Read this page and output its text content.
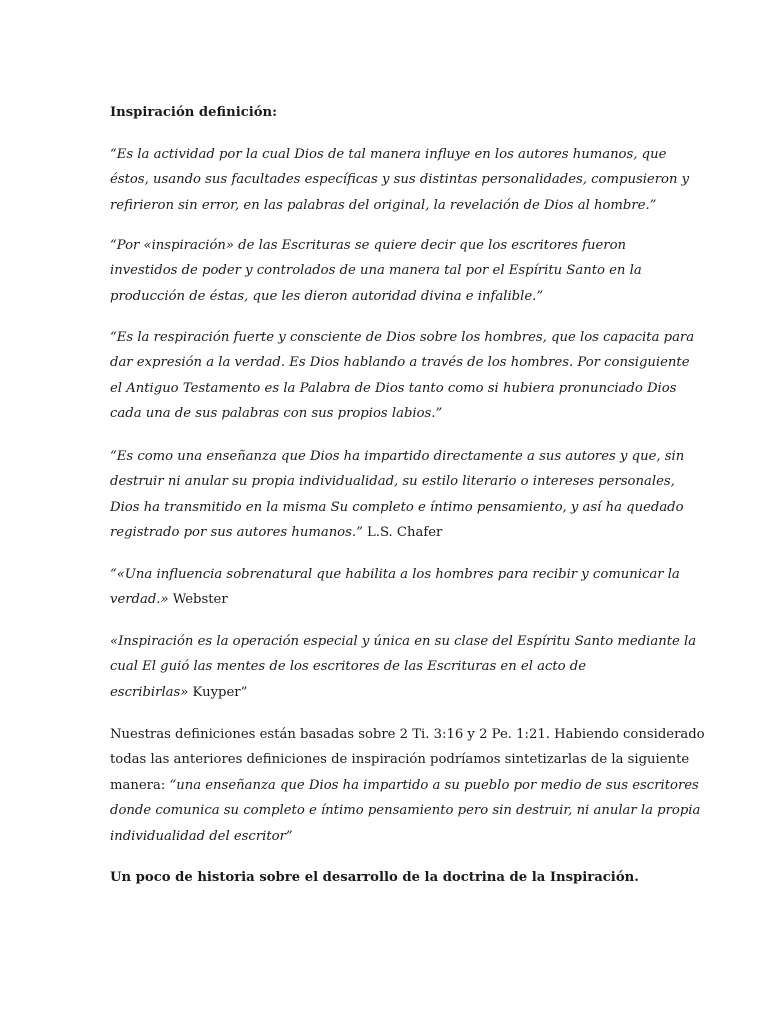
Inspiración definición:
“Es la actividad por la cual Dios de tal manera influye en los autores humanos, que
éstos, usando sus facultades específicas y sus distintas personalidades, compusieron y
refirieron sin error, en las palabras del original, la revelación de Dios al hombre.”
“Por «inspiración» de las Escrituras se quiere decir que los escritores fueron
investidos de poder y controlados de una manera tal por el Espíritu Santo en la
producción de éstas, que les dieron autoridad divina e infalible.”
“Es la respiración fuerte y consciente de Dios sobre los hombres, que los capacita para
dar expresión a la verdad. Es Dios hablando a través de los hombres. Por consiguiente
el Antiguo Testamento es la Palabra de Dios tanto como si hubiera pronunciado Dios
cada una de sus palabras con sus propios labios.”
“Es como una enseñanza que Dios ha impartido directamente a sus autores y que, sin
destruir ni anular su propia individualidad, su estilo literario o intereses personales,
Dios ha transmitido en la misma Su completo e íntimo pensamiento, y así ha quedado
registrado por sus autores humanos.” L.S. Chafer
“«Una influencia sobrenatural que habilita a los hombres para recibir y comunicar la
verdad.» Webster
«Inspiración es la operación especial y única en su clase del Espíritu Santo mediante la
cual El guió las mentes de los escritores de las Escrituras en el acto de
escribirlas» Kuyper”
Nuestras definiciones están basadas sobre 2 Ti. 3:16 y 2 Pe. 1:21. Habiendo considerado
todas las anteriores definiciones de inspiración podríamos sintetizarlas de la siguiente
manera: “una enseñanza que Dios ha impartido a su pueblo por medio de sus escritores
donde comunica su completo e íntimo pensamiento pero sin destruir, ni anular la propia
individualidad del escritor”
Un poco de historia sobre el desarrollo de la doctrina de la Inspiración.
